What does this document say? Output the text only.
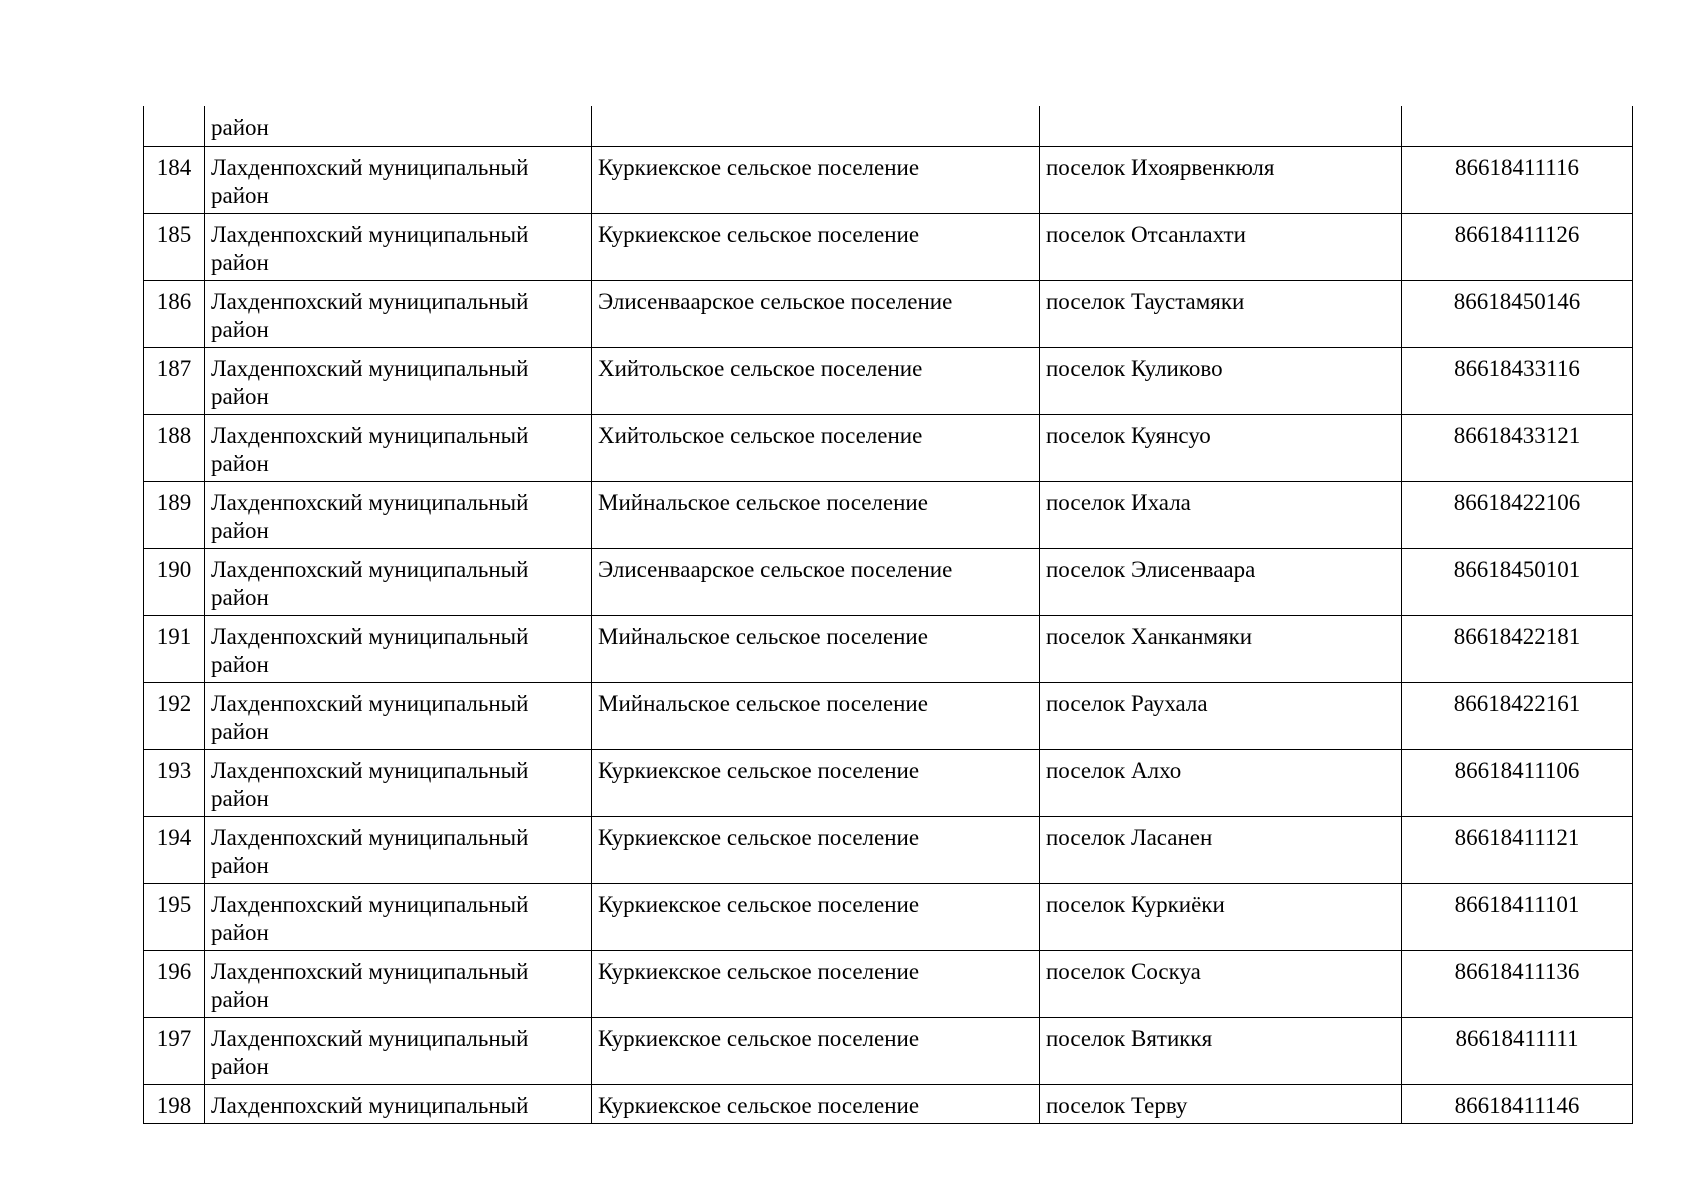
	район			

184	Лахденпохский муниципальный район	Куркиекское сельское поселение	поселок Ихоярвенкюля	86618411116

185	Лахденпохский муниципальный район	Куркиекское сельское поселение	поселок Отсанлахти	86618411126

186	Лахденпохский муниципальный район	Элисенваарское сельское поселение	поселок Таустамяки	86618450146

187	Лахденпохский муниципальный район	Хийтольское сельское поселение	поселок Куликово	86618433116

188	Лахденпохский муниципальный район	Хийтольское сельское поселение	поселок Куянсуо	86618433121

189	Лахденпохский муниципальный район	Мийнальское сельское поселение	поселок Ихала	86618422106

190	Лахденпохский муниципальный район	Элисенваарское сельское поселение	поселок Элисенваара	86618450101

191	Лахденпохский муниципальный район	Мийнальское сельское поселение	поселок Ханканмяки	86618422181

192	Лахденпохский муниципальный район	Мийнальское сельское поселение	поселок Раухала	86618422161

193	Лахденпохский муниципальный район	Куркиекское сельское поселение	поселок Алхо	86618411106

194	Лахденпохский муниципальный район	Куркиекское сельское поселение	поселок Ласанен	86618411121

195	Лахденпохский муниципальный район	Куркиекское сельское поселение	поселок Куркиёки	86618411101

196	Лахденпохский муниципальный район	Куркиекское сельское поселение	поселок Соскуа	86618411136

197	Лахденпохский муниципальный район	Куркиекское сельское поселение	поселок Вятиккя	86618411111

198	Лахденпохский муниципальный	Куркиекское сельское поселение	поселок Терву	86618411146
